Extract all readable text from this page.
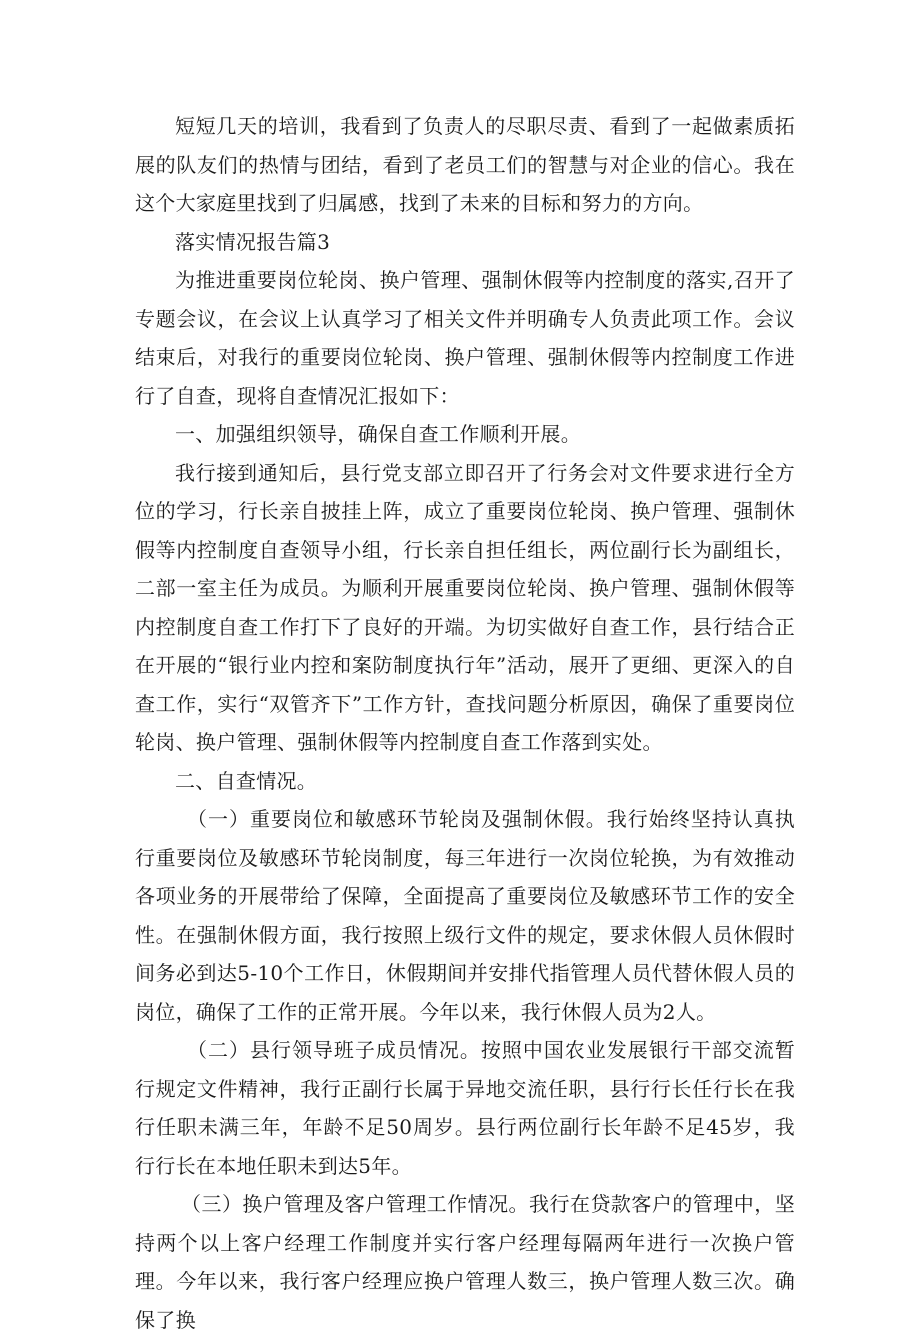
短短几天的培训，我看到了负责人的尽职尽责、看到了一起做素质拓展的队友们的热情与团结，看到了老员工们的智慧与对企业的信心。我在这个大家庭里找到了归属感，找到了未来的目标和努力的方向。

落实情况报告篇3

为推进重要岗位轮岗、换户管理、强制休假等内控制度的落实,召开了专题会议，在会议上认真学习了相关文件并明确专人负责此项工作。会议结束后，对我行的重要岗位轮岗、换户管理、强制休假等内控制度工作进行了自查，现将自查情况汇报如下：

一、加强组织领导，确保自查工作顺利开展。

我行接到通知后，县行党支部立即召开了行务会对文件要求进行全方位的学习，行长亲自披挂上阵，成立了重要岗位轮岗、换户管理、强制休假等内控制度自查领导小组，行长亲自担任组长，两位副行长为副组长，二部一室主任为成员。为顺利开展重要岗位轮岗、换户管理、强制休假等内控制度自查工作打下了良好的开端。为切实做好自查工作，县行结合正在开展的“银行业内控和案防制度执行年”活动，展开了更细、更深入的自查工作，实行“双管齐下”工作方针，查找问题分析原因，确保了重要岗位轮岗、换户管理、强制休假等内控制度自查工作落到实处。

二、自查情况。

（一）重要岗位和敏感环节轮岗及强制休假。我行始终坚持认真执行重要岗位及敏感环节轮岗制度，每三年进行一次岗位轮换，为有效推动各项业务的开展带给了保障，全面提高了重要岗位及敏感环节工作的安全性。在强制休假方面，我行按照上级行文件的规定，要求休假人员休假时间务必到达5-10个工作日，休假期间并安排代指管理人员代替休假人员的岗位，确保了工作的正常开展。今年以来，我行休假人员为2人。

（二）县行领导班子成员情况。按照中国农业发展银行干部交流暂行规定文件精神，我行正副行长属于异地交流任职，县行行长任行长在我行任职未满三年，年龄不足50周岁。县行两位副行长年龄不足45岁，我行行长在本地任职未到达5年。

（三）换户管理及客户管理工作情况。我行在贷款客户的管理中，坚持两个以上客户经理工作制度并实行客户经理每隔两年进行一次换户管理。今年以来，我行客户经理应换户管理人数三，换户管理人数三次。确保了换
